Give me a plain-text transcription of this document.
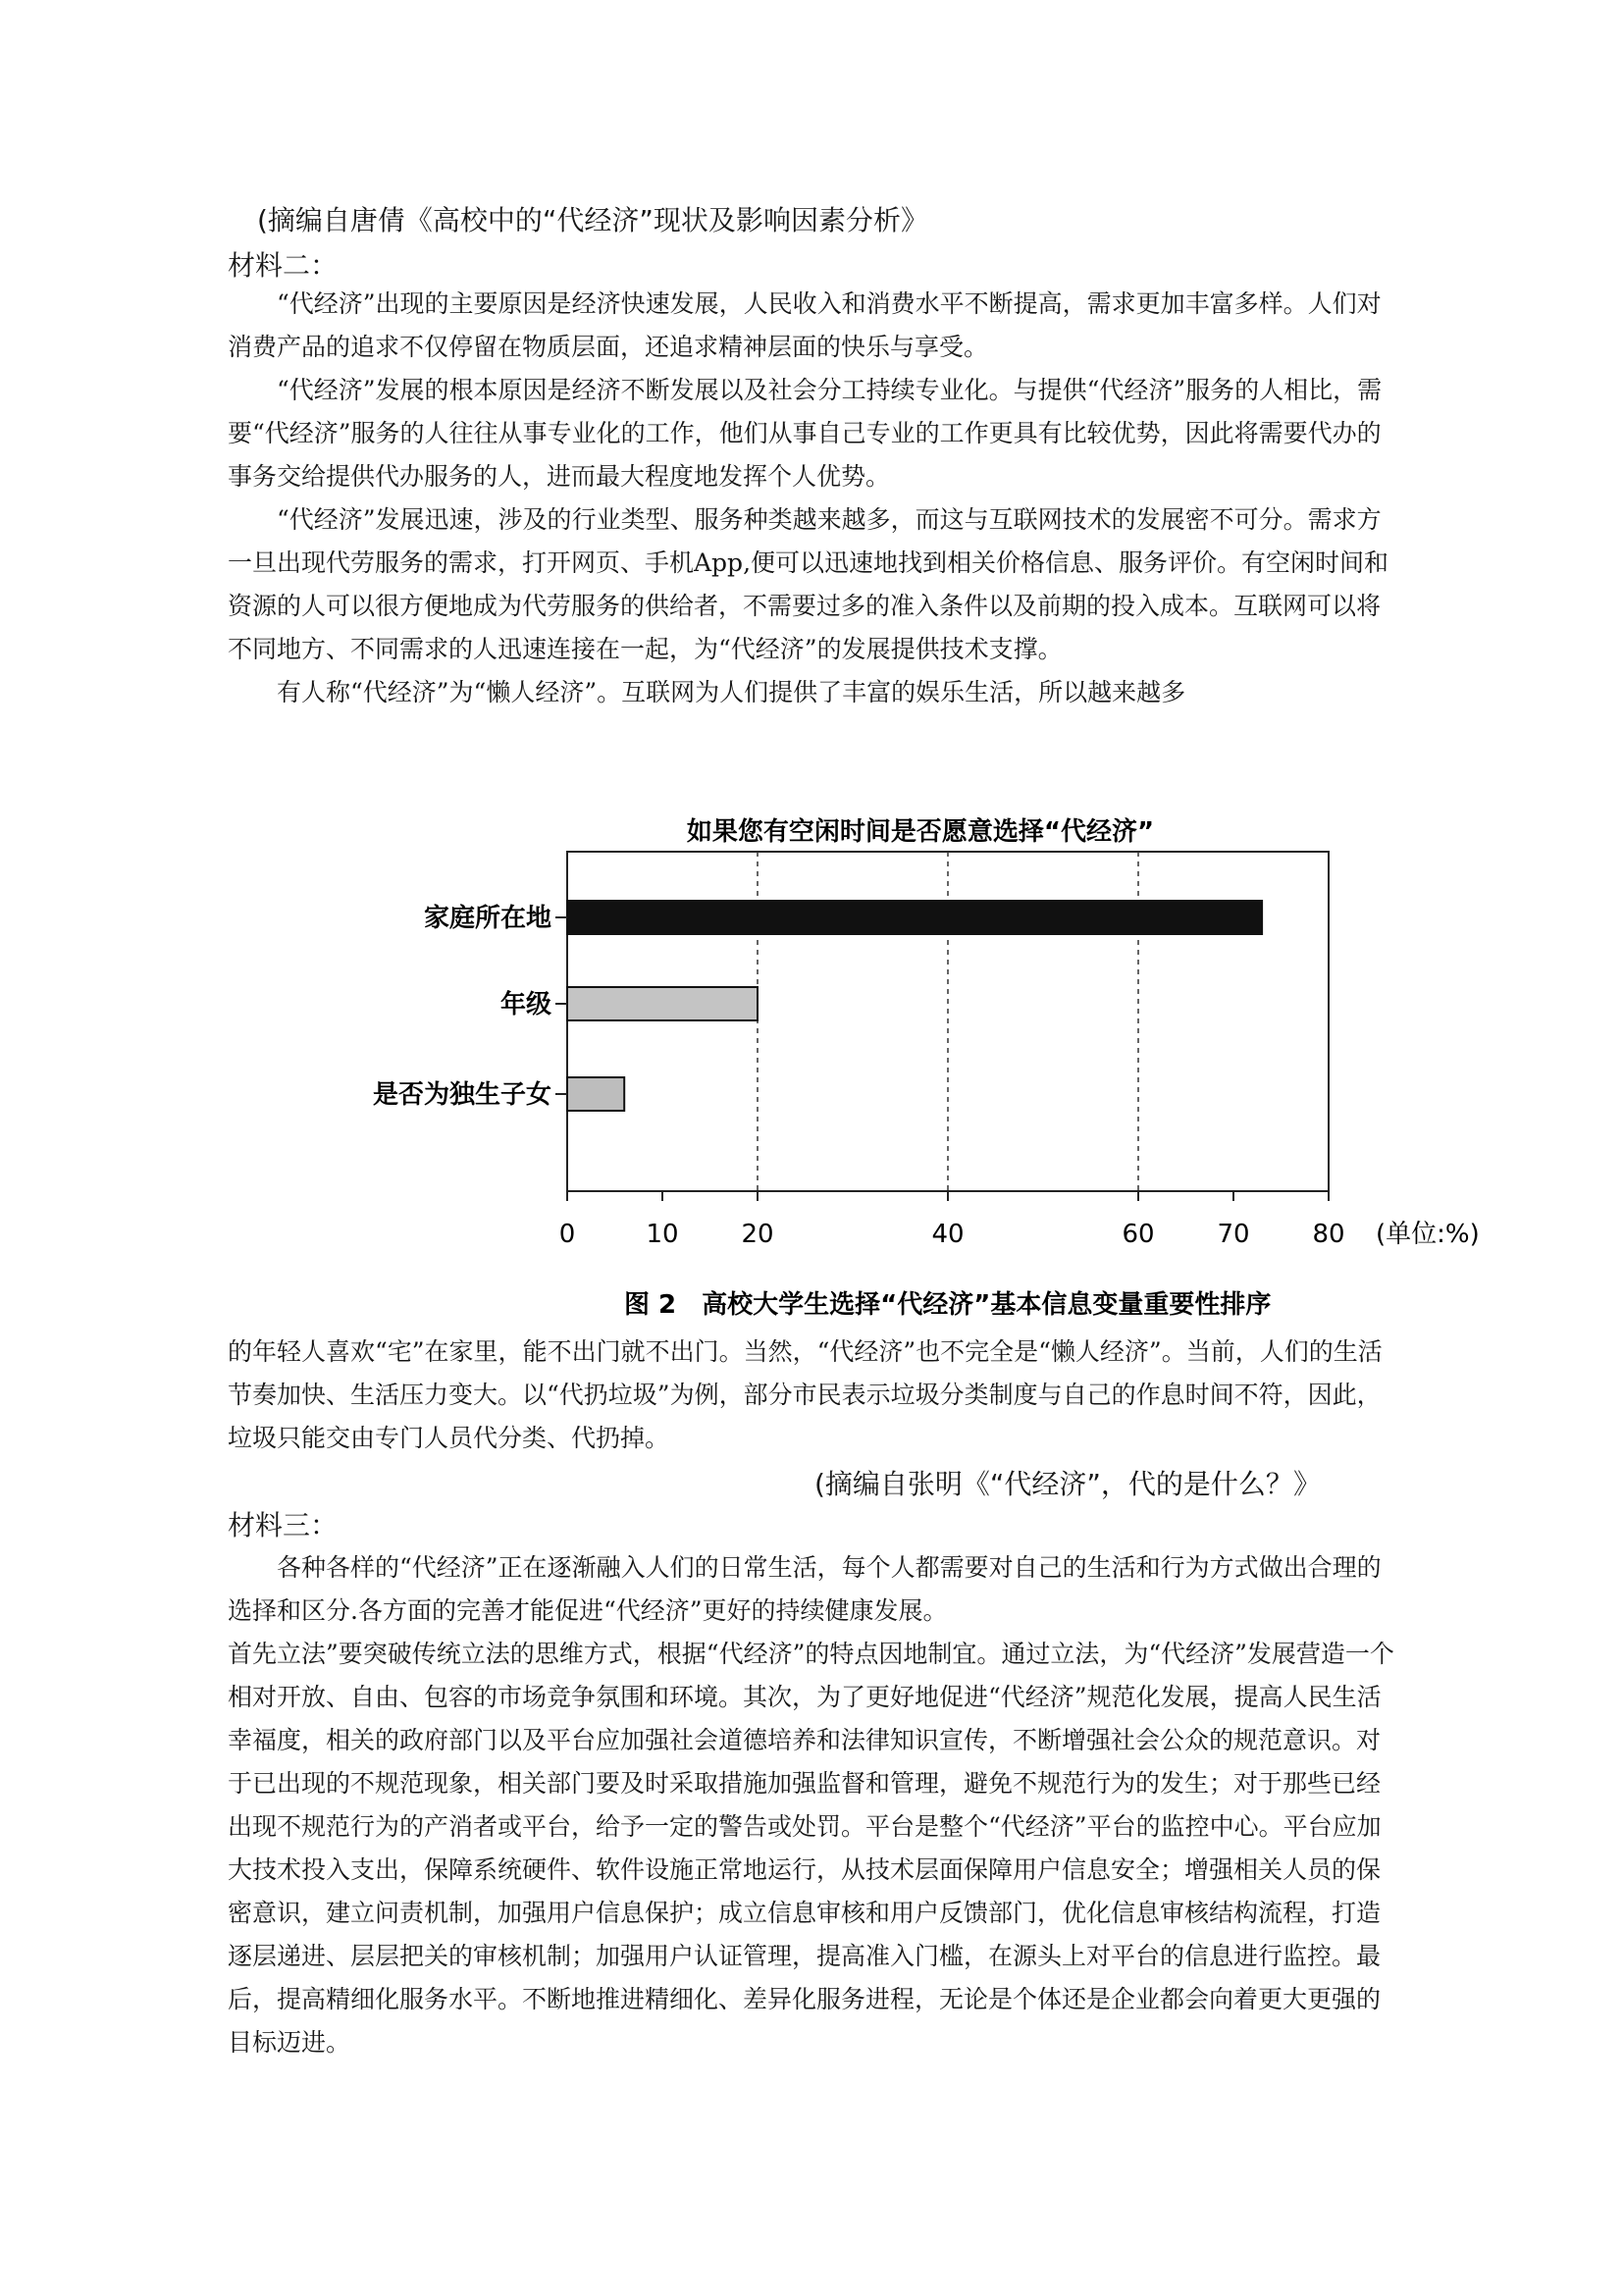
(摘编自唐倩《高校中的“代经济”现状及影响因素分析》
材料二：

“代经济”出现的主要原因是经济快速发展，人民收入和消费水平不断提高，需求更加丰富多样。人们对消费产品的追求不仅停留在物质层面，还追求精神层面的快乐与享受。

“代经济”发展的根本原因是经济不断发展以及社会分工持续专业化。与提供“代经济”服务的人相比，需要“代经济”服务的人往往从事专业化的工作，他们从事自己专业的工作更具有比较优势，因此将需要代办的事务交给提供代办服务的人，进而最大程度地发挥个人优势。

“代经济”发展迅速，涉及的行业类型、服务种类越来越多，而这与互联网技术的发展密不可分。需求方一旦出现代劳服务的需求，打开网页、手机App,便可以迅速地找到相关价格信息、服务评价。有空闲时间和资源的人可以很方便地成为代劳服务的供给者，不需要过多的准入条件以及前期的投入成本。互联网可以将不同地方、不同需求的人迅速连接在一起，为“代经济”的发展提供技术支撑。

有人称“代经济”为“懒人经济”。互联网为人们提供了丰富的娱乐生活，所以越来越多

如果您有空闲时间是否愿意选择“代经济”
图 2　高校大学生选择“代经济”基本信息变量重要性排序
(单位:%)
家庭所在地
年级
是否为独生子女
0	10 20	40	60 70 80

的年轻人喜欢“宅”在家里，能不出门就不出门。当然，“代经济”也不完全是“懒人经济”。当前，人们的生活节奏加快、生活压力变大。以“代扔垃圾”为例，部分市民表示垃圾分类制度与自己的作息时间不符，因此，垃圾只能交由专门人员代分类、代扔掉。

(摘编自张明《“代经济”，代的是什么？》
材料三：

各种各样的“代经济”正在逐渐融入人们的日常生活，每个人都需要对自己的生活和行为方式做出合理的选择和区分.各方面的完善才能促进“代经济”更好的持续健康发展。

首先立法”要突破传统立法的思维方式，根据“代经济”的特点因地制宜。通过立法，为“代经济”发展营造一个相对开放、自由、包容的市场竞争氛围和环境。其次，为了更好地促进“代经济”规范化发展，提高人民生活幸福度，相关的政府部门以及平台应加强社会道德培养和法律知识宣传，不断增强社会公众的规范意识。对于已出现的不规范现象，相关部门要及时采取措施加强监督和管理，避免不规范行为的发生；对于那些已经出现不规范行为的产消者或平台，给予一定的警告或处罚。平台是整个“代经济”平台的监控中心。平台应加大技术投入支出，保障系统硬件、软件设施正常地运行，从技术层面保障用户信息安全；增强相关人员的保密意识，建立问责机制，加强用户信息保护；成立信息审核和用户反馈部门，优化信息审核结构流程，打造逐层递进、层层把关的审核机制；加强用户认证管理，提高准入门槛，在源头上对平台的信息进行监控。最后，提高精细化服务水平。不断地推进精细化、差异化服务进程，无论是个体还是企业都会向着更大更强的目标迈进。
